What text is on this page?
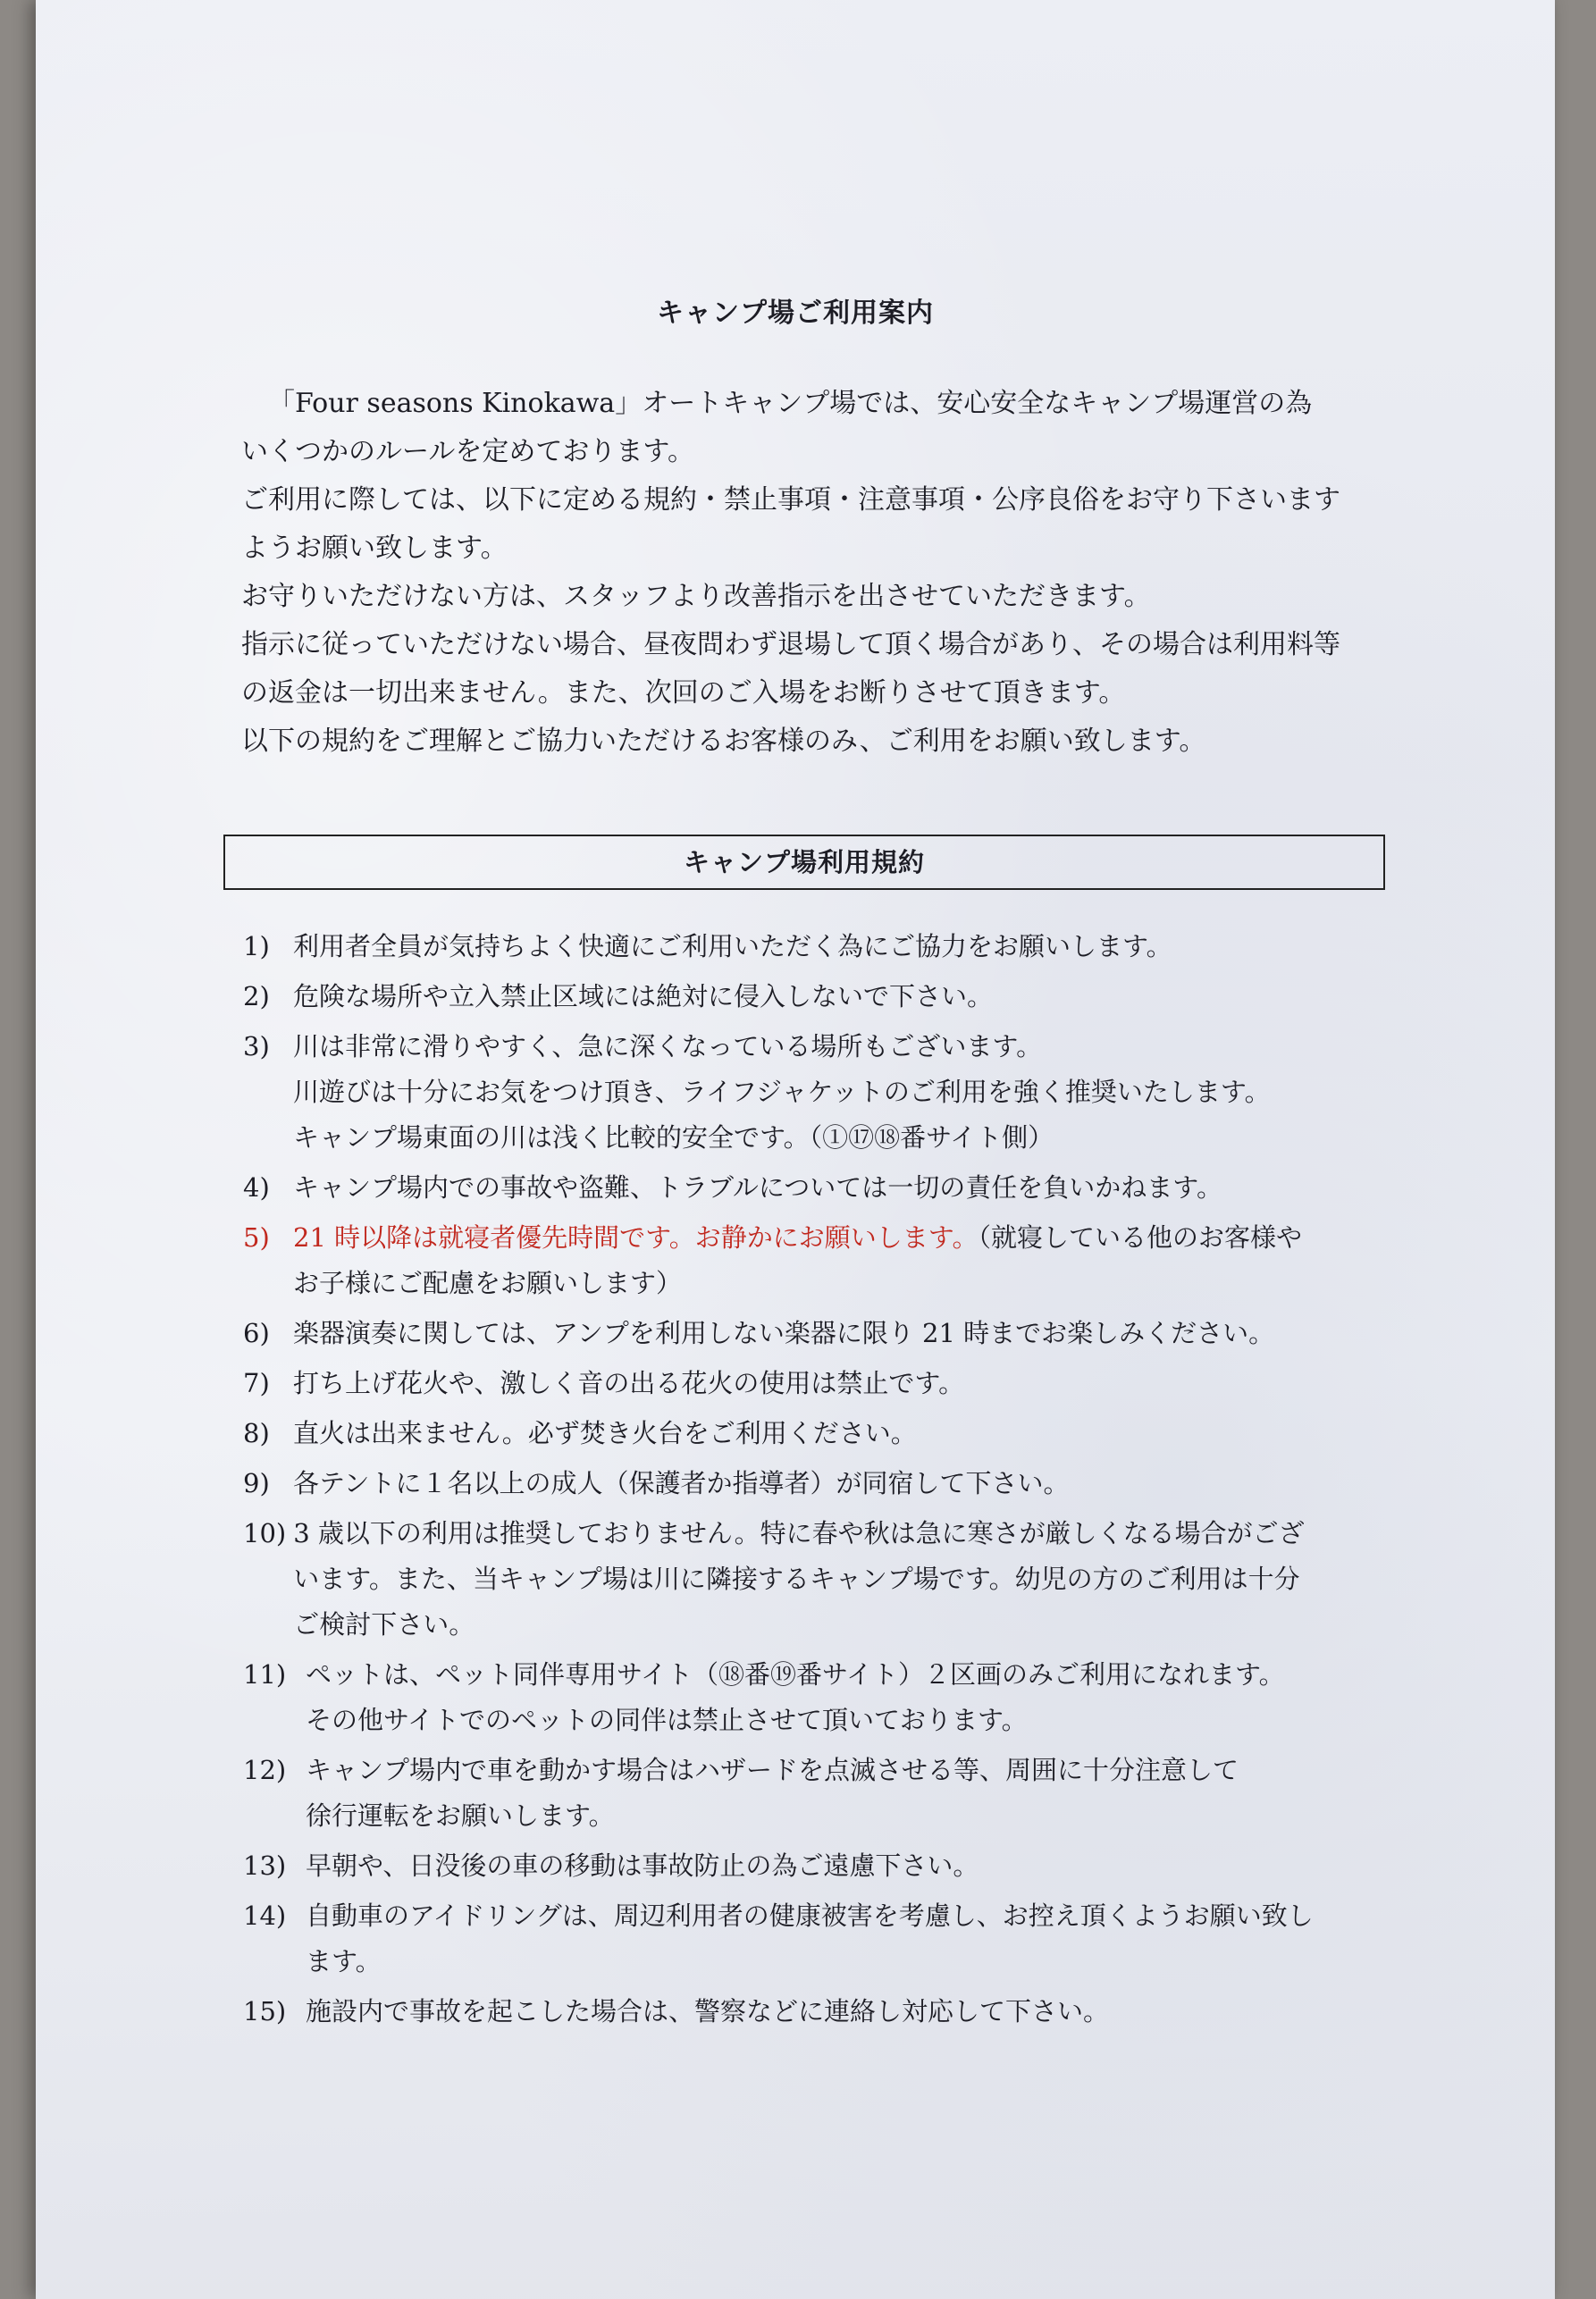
キャンプ場ご利用案内

「Four seasons Kinokawa」オートキャンプ場では、安心安全なキャンプ場運営の為

いくつかのルールを定めております。

ご利用に際しては、以下に定める規約・禁止事項・注意事項・公序良俗をお守り下さいます

ようお願い致します。

お守りいただけない方は、スタッフより改善指示を出させていただきます。

指示に従っていただけない場合、昼夜問わず退場して頂く場合があり、その場合は利用料等

の返金は一切出来ません。また、次回のご入場をお断りさせて頂きます。

以下の規約をご理解とご協力いただけるお客様のみ、ご利用をお願い致します。

キャンプ場利用規約
1) 利用者全員が気持ちよく快適にご利用いただく為にご協力をお願いします。
2) 危険な場所や立入禁止区域には絶対に侵入しないで下さい。
3) 川は非常に滑りやすく、急に深くなっている場所もございます。
川遊びは十分にお気をつけ頂き、ライフジャケットのご利用を強く推奨いたします。
キャンプ場東面の川は浅く比較的安全です。（①⑰⑱番サイト側）
4) キャンプ場内での事故や盗難、トラブルについては一切の責任を負いかねます。
5) 21 時以降は就寝者優先時間です。お静かにお願いします。（就寝している他のお客様や
お子様にご配慮をお願いします）
6) 楽器演奏に関しては、アンプを利用しない楽器に限り 21 時までお楽しみください。
7) 打ち上げ花火や、激しく音の出る花火の使用は禁止です。
8) 直火は出来ません。必ず焚き火台をご利用ください。
9) 各テントに１名以上の成人（保護者か指導者）が同宿して下さい。
10) 3 歳以下の利用は推奨しておりません。特に春や秋は急に寒さが厳しくなる場合がござ
います。また、当キャンプ場は川に隣接するキャンプ場です。幼児の方のご利用は十分
ご検討下さい。
11) ペットは、ペット同伴専用サイト（⑱番⑲番サイト）２区画のみご利用になれます。
その他サイトでのペットの同伴は禁止させて頂いております。
12) キャンプ場内で車を動かす場合はハザードを点滅させる等、周囲に十分注意して
徐行運転をお願いします。
13) 早朝や、日没後の車の移動は事故防止の為ご遠慮下さい。
14) 自動車のアイドリングは、周辺利用者の健康被害を考慮し、お控え頂くようお願い致し
ます。
15) 施設内で事故を起こした場合は、警察などに連絡し対応して下さい。
